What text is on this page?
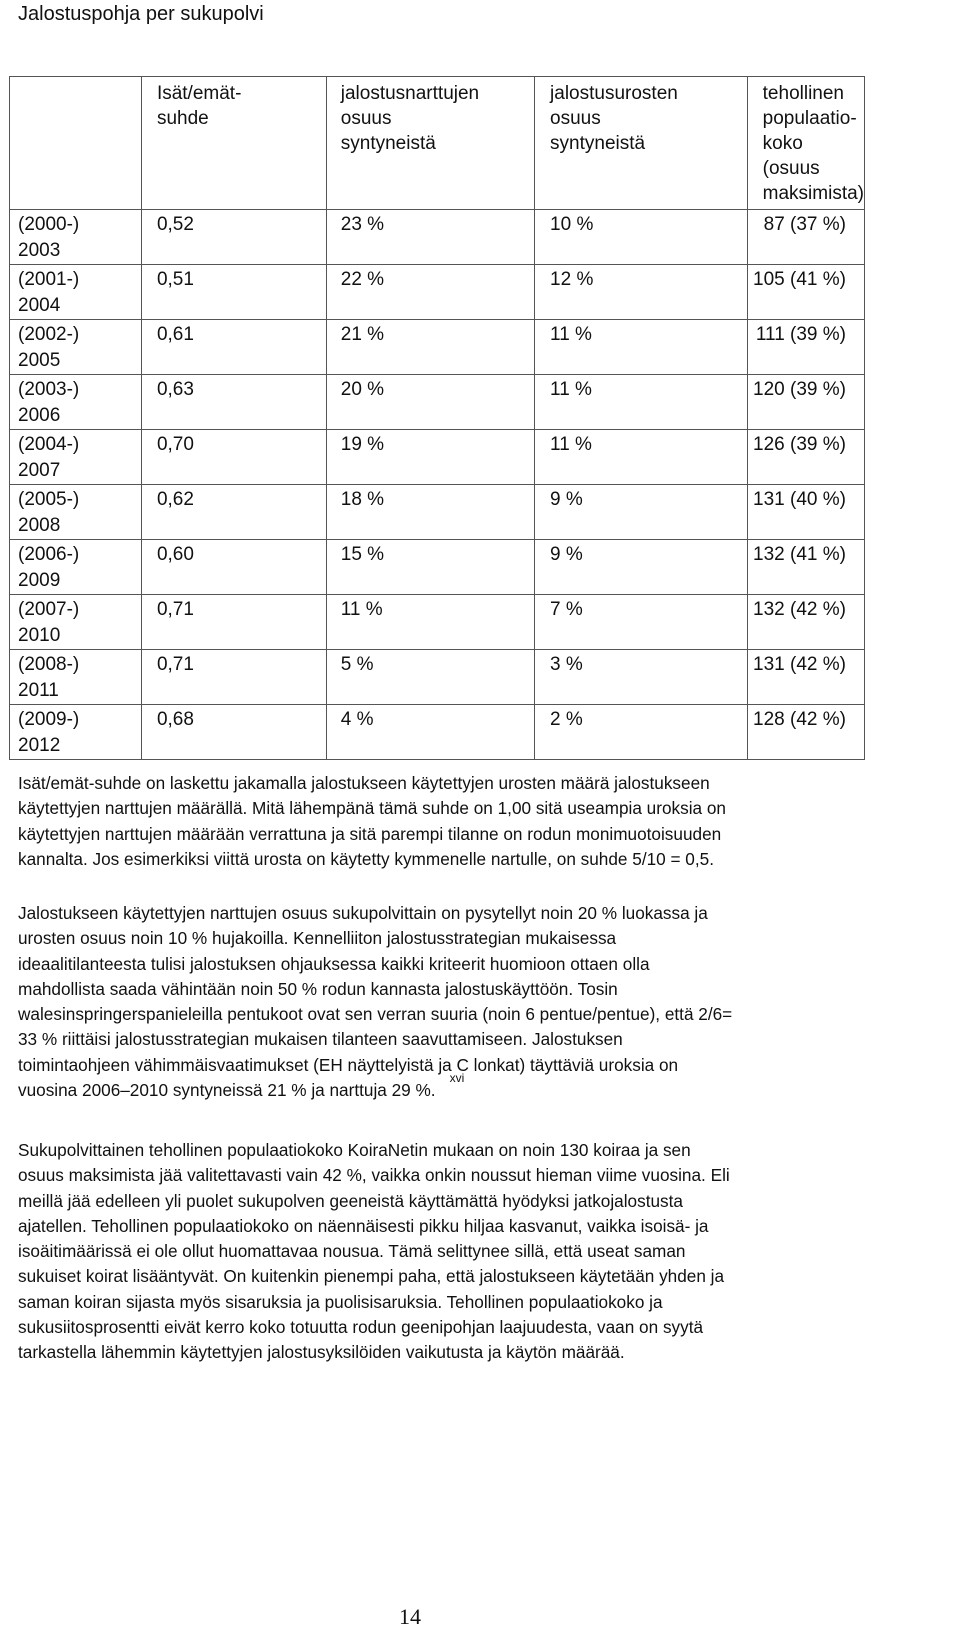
Jalostuspohja per sukupolvi
	Isät/emät-
suhde	jalostusnarttujen
osuus
syntyneistä	jalostusurosten
osuus
syntyneistä	tehollinen
populaatio-
koko
(osuus
maksimista)
(2000-)
2003	0,52	23 %	10 %	87 (37 %)
(2001-)
2004	0,51	22 %	12 %	105 (41 %)
(2002-)
2005	0,61	21 %	11 %	111 (39 %)
(2003-)
2006	0,63	20 %	11 %	120 (39 %)
(2004-)
2007	0,70	19 %	11 %	126 (39 %)
(2005-)
2008	0,62	18 %	9 %	131 (40 %)
(2006-)
2009	0,60	15 %	9 %	132 (41 %)
(2007-)
2010	0,71	11 %	7 %	132 (42 %)
(2008-)
2011	0,71	5 %	3 %	131 (42 %)
(2009-)
2012	0,68	4 %	2 %	128 (42 %)

Isät/emät-suhde on laskettu jakamalla jalostukseen käytettyjen urosten määrä jalostukseen
käytettyjen narttujen määrällä. Mitä lähempänä tämä suhde on 1,00 sitä useampia uroksia on
käytettyjen narttujen määrään verrattuna ja sitä parempi tilanne on rodun monimuotoisuuden
kannalta. Jos esimerkiksi viittä urosta on käytetty kymmenelle nartulle, on suhde 5/10 = 0,5.

Jalostukseen käytettyjen narttujen osuus sukupolvittain on pysytellyt noin 20 % luokassa ja
urosten osuus noin 10 % hujakoilla. Kennelliiton jalostusstrategian mukaisessa
ideaalitilanteesta tulisi jalostuksen ohjauksessa kaikki kriteerit huomioon ottaen olla
mahdollista saada vähintään noin 50 % rodun kannasta jalostuskäyttöön. Tosin
walesinspringerspanieleilla pentukoot ovat sen verran suuria (noin 6 pentue/pentue), että 2/6=
33 % riittäisi jalostusstrategian mukaisen tilanteen saavuttamiseen. Jalostuksen
toimintaohjeen vähimmäisvaatimukset (EH näyttelyistä ja C lonkat) täyttäviä uroksia on
vuosina 2006–2010 syntyneissä 21 % ja narttuja 29 %.$^{xvi}$

Sukupolvittainen tehollinen populaatiokoko KoiraNetin mukaan on noin 130 koiraa ja sen
osuus maksimista jää valitettavasti vain 42 %, vaikka onkin noussut hieman viime vuosina. Eli
meillä jää edelleen yli puolet sukupolven geeneistä käyttämättä hyödyksi jatkojalostusta
ajatellen. Tehollinen populaatiokoko on näennäisesti pikku hiljaa kasvanut, vaikka isoisä- ja
isoäitimäärissä ei ole ollut huomattavaa nousua. Tämä selittynee sillä, että useat saman
sukuiset koirat lisääntyvät. On kuitenkin pienempi paha, että jalostukseen käytetään yhden ja
saman koiran sijasta myös sisaruksia ja puolisisaruksia. Tehollinen populaatiokoko ja
sukusiitosprosentti eivät kerro koko totuutta rodun geenipohjan laajuudesta, vaan on syytä
tarkastella lähemmin käytettyjen jalostusyksilöiden vaikutusta ja käytön määrää.

14
